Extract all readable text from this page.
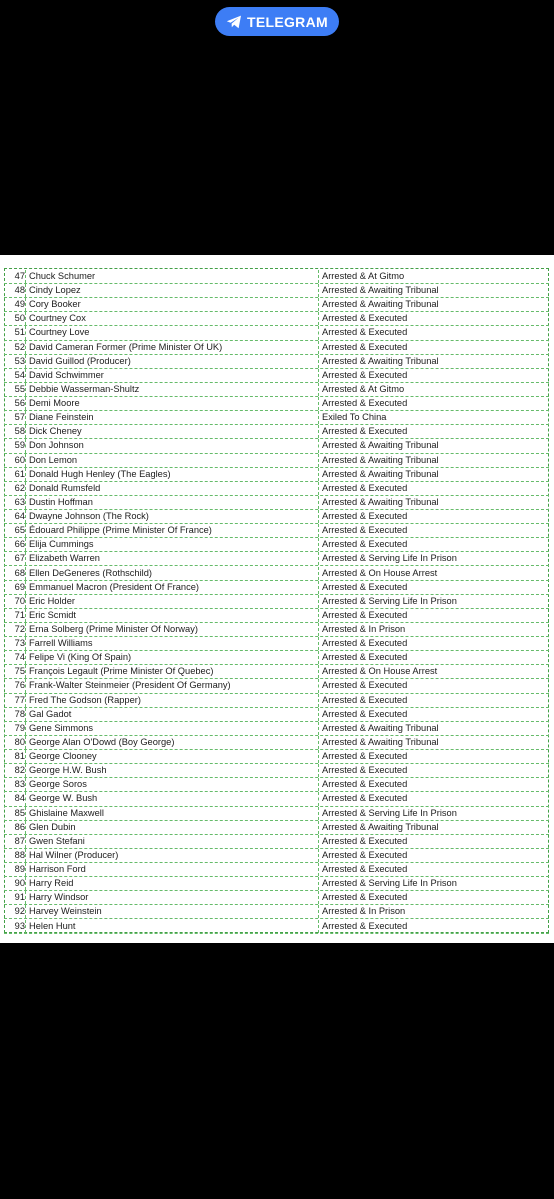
TELEGRAM
47 Chuck Schumer	Arrested & At Gitmo
48 Cindy Lopez	Arrested & Awaiting Tribunal
49 Cory Booker	Arrested & Awaiting Tribunal
50 Courtney Cox	Arrested & Executed
51 Courtney Love	Arrested & Executed
52 David Cameran Former (Prime Minister Of UK)	Arrested & Executed
53 David Guillod (Producer)	Arrested & Awaiting Tribunal
54 David Schwimmer	Arrested & Executed
55 Debbie Wasserman-Shultz	Arrested & At Gitmo
56 Demi Moore	Arrested & Executed
57 Diane Feinstein	Exiled To China
58 Dick Cheney	Arrested & Executed
59 Don Johnson	Arrested & Awaiting Tribunal
60 Don Lemon	Arrested & Awaiting Tribunal
61 Donald Hugh Henley (The Eagles)	Arrested & Awaiting Tribunal
62 Donald Rumsfeld	Arrested & Executed
63 Dustin Hoffman	Arrested & Awaiting Tribunal
64 Dwayne Johnson (The Rock)	Arrested & Executed
65 Édouard Philippe (Prime Minister Of France)	Arrested & Executed
66 Elija Cummings	Arrested & Executed
67 Elizabeth Warren	Arrested & Serving Life In Prison
68 Ellen DeGeneres (Rothschild)	Arrested & On House Arrest
69 Emmanuel Macron (President Of France)	Arrested & Executed
70 Eric Holder	Arrested & Serving Life In Prison
71 Eric Scmidt	Arrested & Executed
72 Erna Solberg (Prime Minister Of Norway)	Arrested & In Prison
73 Farrell Williams	Arrested & Executed
74 Felipe Vi (King Of Spain)	Arrested & Executed
75 François Legault (Prime Minister Of Quebec)	Arrested & On House Arrest
76 Frank-Walter Steinmeier (President Of Germany)	Arrested & Executed
77 Fred The Godson (Rapper)	Arrested & Executed
78 Gal Gadot	Arrested & Executed
79 Gene Simmons	Arrested & Awaiting Tribunal
80 George Alan O'Dowd (Boy George)	Arrested & Awaiting Tribunal
81 George Clooney	Arrested & Executed
82 George H.W. Bush	Arrested & Executed
83 George Soros	Arrested & Executed
84 George W. Bush	Arrested & Executed
85 Ghislaine Maxwell	Arrested & Serving Life In Prison
86 Glen Dubin	Arrested & Awaiting Tribunal
87 Gwen Stefani	Arrested & Executed
88 Hal Wilner (Producer)	Arrested & Executed
89 Harrison Ford	Arrested & Executed
90 Harry Reid	Arrested & Serving Life In Prison
91 Harry Windsor	Arrested & Executed
92 Harvey Weinstein	Arrested & In Prison
93 Helen Hunt	Arrested & Executed
